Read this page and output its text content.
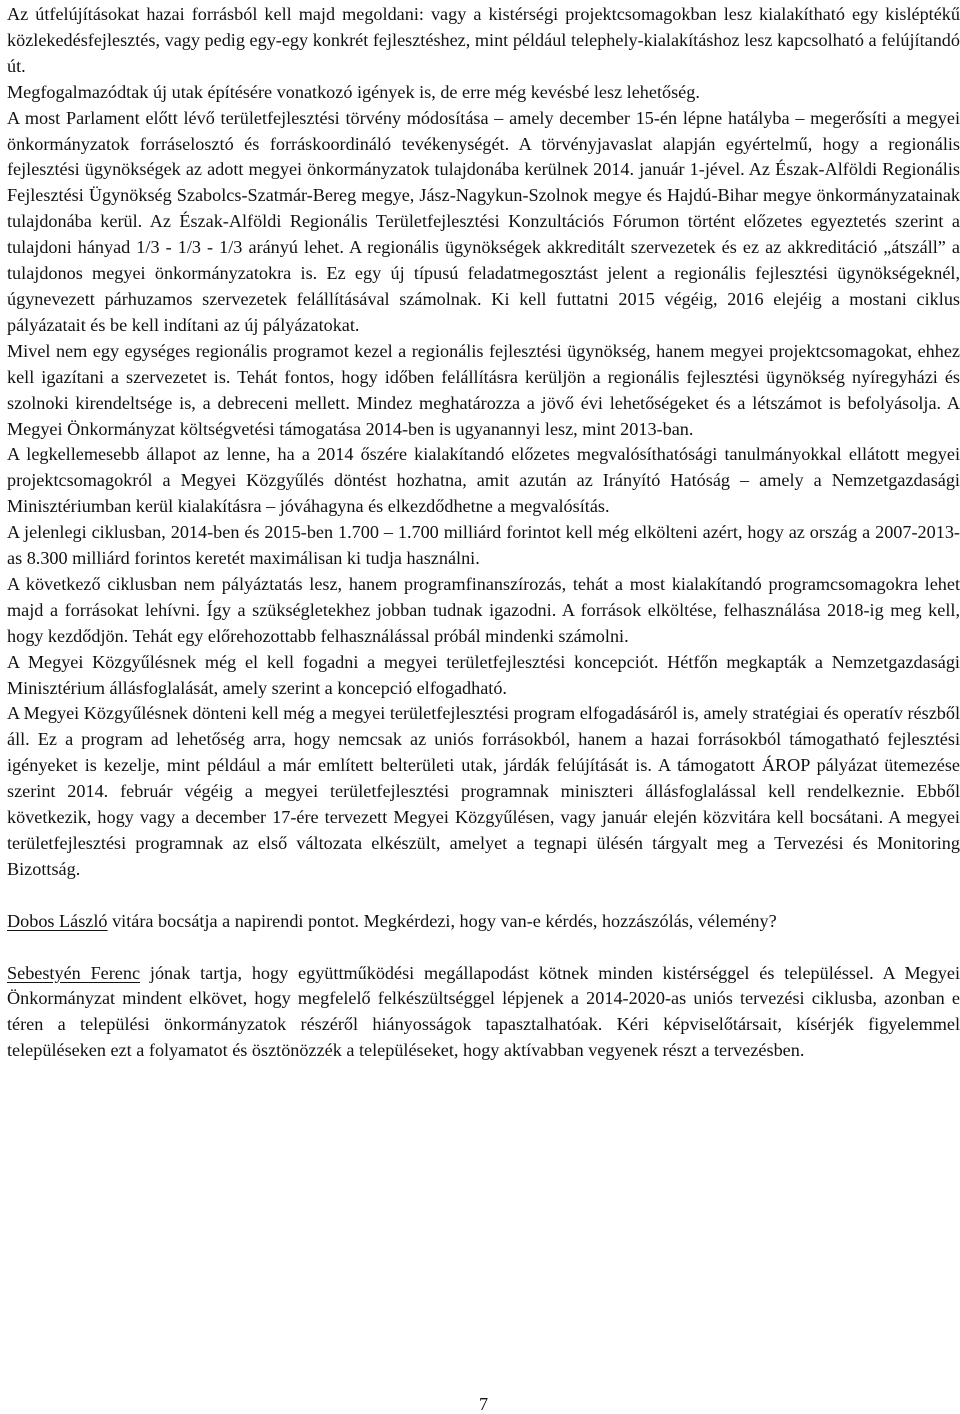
Az útfelújításokat hazai forrásból kell majd megoldani: vagy a kistérségi projektcsomagokban lesz kialakítható egy kisléptékű közlekedésfejlesztés, vagy pedig egy-egy konkrét fejlesztéshez, mint például telephely-kialakításhoz lesz kapcsolható a felújítandó út.

Megfogalmazódtak új utak építésére vonatkozó igények is, de erre még kevésbé lesz lehetőség.

A most Parlament előtt lévő területfejlesztési törvény módosítása – amely december 15-én lépne hatályba – megerősíti a megyei önkormányzatok forráselosztó és forráskoordináló tevékenységét. A törvényjavaslat alapján egyértelmű, hogy a regionális fejlesztési ügynökségek az adott megyei önkormányzatok tulajdonába kerülnek 2014. január 1-jével. Az Észak-Alföldi Regionális Fejlesztési Ügynökség Szabolcs-Szatmár-Bereg megye, Jász-Nagykun-Szolnok megye és Hajdú-Bihar megye önkormányzatainak tulajdonába kerül. Az Észak-Alföldi Regionális Területfejlesztési Konzultációs Fórumon történt előzetes egyeztetés szerint a tulajdoni hányad 1/3 - 1/3 - 1/3 arányú lehet. A regionális ügynökségek akkreditált szervezetek és ez az akkreditáció „átszáll” a tulajdonos megyei önkormányzatokra is. Ez egy új típusú feladatmegosztást jelent a regionális fejlesztési ügynökségeknél, úgynevezett párhuzamos szervezetek felállításával számolnak. Ki kell futtatni 2015 végéig, 2016 elejéig a mostani ciklus pályázatait és be kell indítani az új pályázatokat.

Mivel nem egy egységes regionális programot kezel a regionális fejlesztési ügynökség, hanem megyei projektcsomagokat, ehhez kell igazítani a szervezetet is. Tehát fontos, hogy időben felállításra kerüljön a regionális fejlesztési ügynökség nyíregyházi és szolnoki kirendeltsége is, a debreceni mellett. Mindez meghatározza a jövő évi lehetőségeket és a létszámot is befolyásolja. A Megyei Önkormányzat költségvetési támogatása 2014-ben is ugyanannyi lesz, mint 2013-ban.

A legkellemesebb állapot az lenne, ha a 2014 őszére kialakítandó előzetes megvalósíthatósági tanulmányokkal ellátott megyei projektcsomagokról a Megyei Közgyűlés döntést hozhatna, amit azután az Irányító Hatóság – amely a Nemzetgazdasági Minisztériumban kerül kialakításra – jóváhagyna és elkezdődhetne a megvalósítás.

A jelenlegi ciklusban, 2014-ben és 2015-ben 1.700 – 1.700 milliárd forintot kell még elkölteni azért, hogy az ország a 2007-2013-as 8.300 milliárd forintos keretét maximálisan ki tudja használni.

A következő ciklusban nem pályáztatás lesz, hanem programfinanszírozás, tehát a most kialakítandó programcsomagokra lehet majd a forrásokat lehívni. Így a szükségletekhez jobban tudnak igazodni. A források elköltése, felhasználása 2018-ig meg kell, hogy kezdődjön. Tehát egy előrehozottabb felhasználással próbál mindenki számolni.

A Megyei Közgyűlésnek még el kell fogadni a megyei területfejlesztési koncepciót. Hétfőn megkapták a Nemzetgazdasági Minisztérium állásfoglalását, amely szerint a koncepció elfogadható.

A Megyei Közgyűlésnek dönteni kell még a megyei területfejlesztési program elfogadásáról is, amely stratégiai és operatív részből áll. Ez a program ad lehetőség arra, hogy nemcsak az uniós forrásokból, hanem a hazai forrásokból támogatható fejlesztési igényeket is kezelje, mint például a már említett belterületi utak, járdák felújítását is. A támogatott ÁROP pályázat ütemezése szerint 2014. február végéig a megyei területfejlesztési programnak miniszteri állásfoglalással kell rendelkeznie. Ebből következik, hogy vagy a december 17-ére tervezett Megyei Közgyűlésen, vagy január elején közvitára kell bocsátani. A megyei területfejlesztési programnak az első változata elkészült, amelyet a tegnapi ülésén tárgyalt meg a Tervezési és Monitoring Bizottság.

Dobos László vitára bocsátja a napirendi pontot. Megkérdezi, hogy van-e kérdés, hozzászólás, vélemény?

Sebestyén Ferenc jónak tartja, hogy együttműködési megállapodást kötnek minden kistérséggel és településsel. A Megyei Önkormányzat mindent elkövet, hogy megfelelő felkészültséggel lépjenek a 2014-2020-as uniós tervezési ciklusba, azonban e téren a települési önkormányzatok részéről hiányosságok tapasztalhatóak. Kéri képviselőtársait, kísérjék figyelemmel településeken ezt a folyamatot és ösztönözzék a településeket, hogy aktívabban vegyenek részt a tervezésben.

7
